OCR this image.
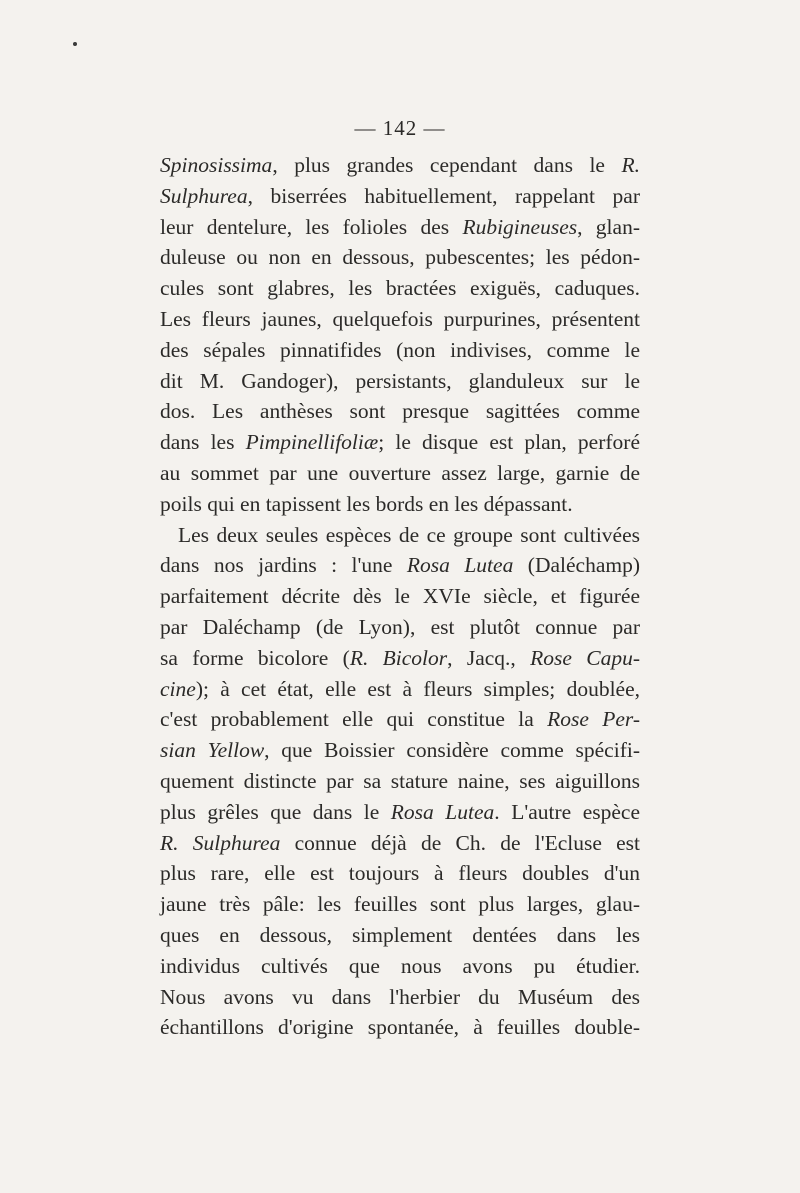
— 142 —
Spinosissima, plus grandes cependant dans le R.
Sulphurea, biserrées habituellement, rappelant par
leur dentelure, les folioles des Rubigineuses, glan-
duleuse ou non en dessous, pubescentes; les pédon-
cules sont glabres, les bractées exiguës, caduques.
Les fleurs jaunes, quelquefois purpurines, présentent
des sépales pinnatifides (non indivises, comme le
dit M. Gandoger), persistants, glanduleux sur le
dos. Les anthèses sont presque sagittées comme
dans les Pimpinellifoliæ; le disque est plan, perforé
au sommet par une ouverture assez large, garnie de
poils qui en tapissent les bords en les dépassant.
Les deux seules espèces de ce groupe sont cultivées
dans nos jardins : l'une Rosa Lutea (Daléchamp)
parfaitement décrite dès le XVIe siècle, et figurée
par Daléchamp (de Lyon), est plutôt connue par
sa forme bicolore (R. Bicolor, Jacq., Rose Capu-
cine); à cet état, elle est à fleurs simples; doublée,
c'est probablement elle qui constitue la Rose Per-
sian Yellow, que Boissier considère comme spécifi-
quement distincte par sa stature naine, ses aiguillons
plus grêles que dans le Rosa Lutea. L'autre espèce
R. Sulphurea connue déjà de Ch. de l'Ecluse est
plus rare, elle est toujours à fleurs doubles d'un
jaune très pâle: les feuilles sont plus larges, glau-
ques en dessous, simplement dentées dans les
individus cultivés que nous avons pu étudier.
Nous avons vu dans l'herbier du Muséum des
échantillons d'origine spontanée, à feuilles double-
